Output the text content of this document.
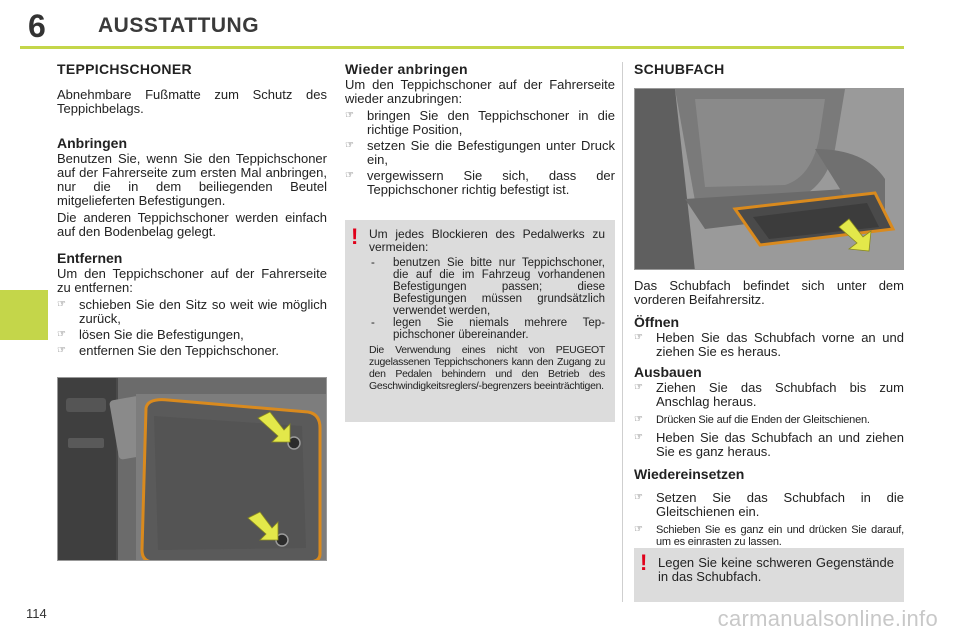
6 AUSSTATTUNG
TEPPICHSCHONER

Abnehmbare Fußmatte zum Schutz des Teppichbelags.

Anbringen

Benutzen Sie, wenn Sie den Teppichschoner auf der Fahrerseite zum ersten Mal anbringen, nur die in dem beiliegenden Beutel mitgelieferten Befestigungen.

Die anderen Teppichschoner werden einfach auf den Bodenbelag gelegt.

Entfernen

Um den Teppichschoner auf der Fahrerseite zu entfernen:

☞ schieben Sie den Sitz so weit wie möglich zurück,
☞ lösen Sie die Befestigungen,
☞ entfernen Sie den Teppichschoner.
Wieder anbringen

Um den Teppichschoner auf der Fahrerseite wieder anzubringen:

☞ bringen Sie den Teppichschoner in die richtige Position,
☞ setzen Sie die Befestigungen unter Druck ein,
☞ vergewissern Sie sich, dass der Teppichschoner richtig befestigt ist.
! Um jedes Blockieren des Pedalwerks zu vermeiden:

- benutzen Sie bitte nur Teppichschoner, die auf die im Fahrzeug vorhandenen Befestigungen passen; diese Befestigungen müssen grundsätzlich verwendet werden,
- legen Sie niemals mehrere Teppichschoner übereinander.

Die Verwendung eines nicht von PEUGEOT zugelassenen Teppichschoners kann den Zugang zu den Pedalen behindern und den Betrieb des Geschwindigkeitsreglers/-begrenzers beeinträchtigen.

SCHUBFACH

Das Schubfach befindet sich unter dem vorderen Beifahrersitz.

Öffnen
☞ Heben Sie das Schubfach vorne an und ziehen Sie es heraus.
Ausbauen
☞ Ziehen Sie das Schubfach bis zum Anschlag heraus.
☞ Drücken Sie auf die Enden der Gleitschienen.
☞ Heben Sie das Schubfach an und ziehen Sie es ganz heraus.
Wiedereinsetzen
☞ Setzen Sie das Schubfach in die Gleitschienen ein.
☞ Schieben Sie es ganz ein und drücken Sie darauf, um es einrasten zu lassen.
! Legen Sie keine schweren Gegenstände in das Schubfach.

114	carmanualsonline.info
